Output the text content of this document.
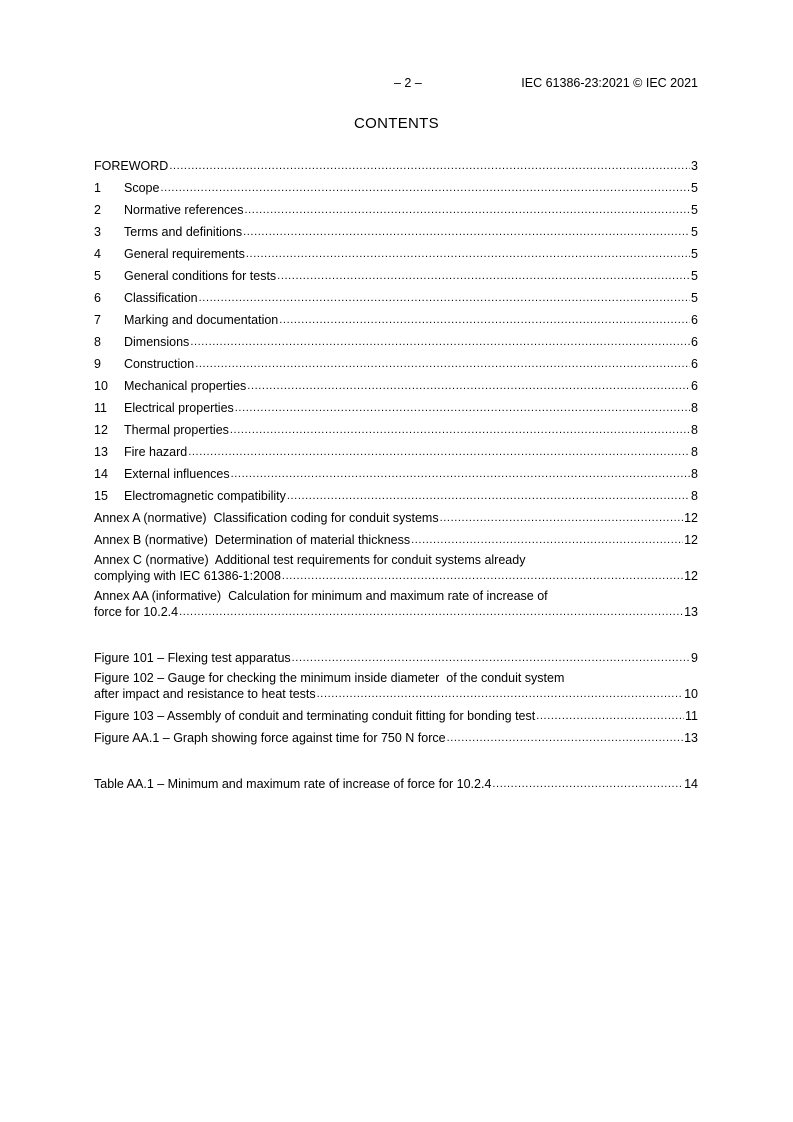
– 2 –	IEC 61386-23:2021 © IEC 2021
CONTENTS
FOREWORD .....	3
1	Scope .....	5
2	Normative references .....	5
3	Terms and definitions .....	5
4	General requirements .....	5
5	General conditions for tests .....	5
6	Classification .....	5
7	Marking and documentation .....	6
8	Dimensions .....	6
9	Construction .....	6
10	Mechanical properties .....	6
11	Electrical properties .....	8
12	Thermal properties .....	8
13	Fire hazard .....	8
14	External influences .....	8
15	Electromagnetic compatibility .....	8
Annex A (normative)  Classification coding for conduit systems .....	12
Annex B (normative)  Determination of material thickness .....	12
Annex C (normative)  Additional test requirements for conduit systems already
complying with IEC 61386-1:2008 .....	12
Annex AA (informative)  Calculation for minimum and maximum rate of increase of
force for 10.2.4 .....	13
Figure 101 – Flexing test apparatus .....	9
Figure 102 – Gauge for checking the minimum inside diameter  of the conduit system
after impact and resistance to heat tests .....	10
Figure 103 – Assembly of conduit and terminating conduit fitting for bonding test .....	11
Figure AA.1 – Graph showing force against time for 750 N force .....	13
Table AA.1 – Minimum and maximum rate of increase of force for 10.2.4 .....	14
